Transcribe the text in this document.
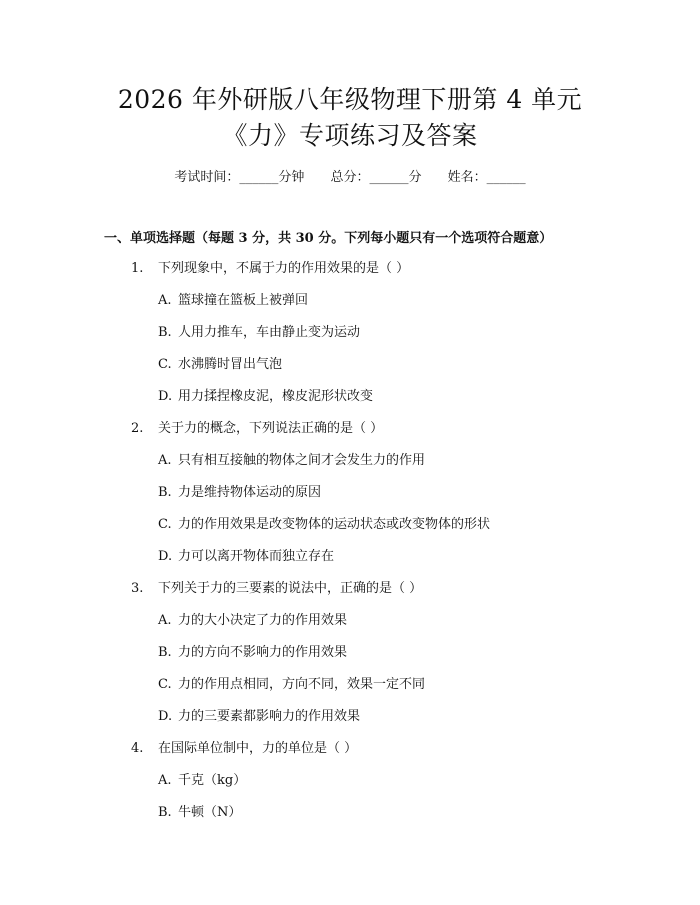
2026 年外研版八年级物理下册第 4 单元
《力》专项练习及答案
考试时间：______分钟 总分：______分 姓名：______
一、单项选择题（每题 3 分，共 30 分。下列每小题只有一个选项符合题意）
1. 下列现象中，不属于力的作用效果的是（ ）
A. 篮球撞在篮板上被弹回
B. 人用力推车，车由静止变为运动
C. 水沸腾时冒出气泡
D. 用力揉捏橡皮泥，橡皮泥形状改变
2. 关于力的概念，下列说法正确的是（ ）
A. 只有相互接触的物体之间才会发生力的作用
B. 力是维持物体运动的原因
C. 力的作用效果是改变物体的运动状态或改变物体的形状
D. 力可以离开物体而独立存在
3. 下列关于力的三要素的说法中，正确的是（ ）
A. 力的大小决定了力的作用效果
B. 力的方向不影响力的作用效果
C. 力的作用点相同，方向不同，效果一定不同
D. 力的三要素都影响力的作用效果
4. 在国际单位制中，力的单位是（ ）
A. 千克（kg）
B. 牛顿（N）
